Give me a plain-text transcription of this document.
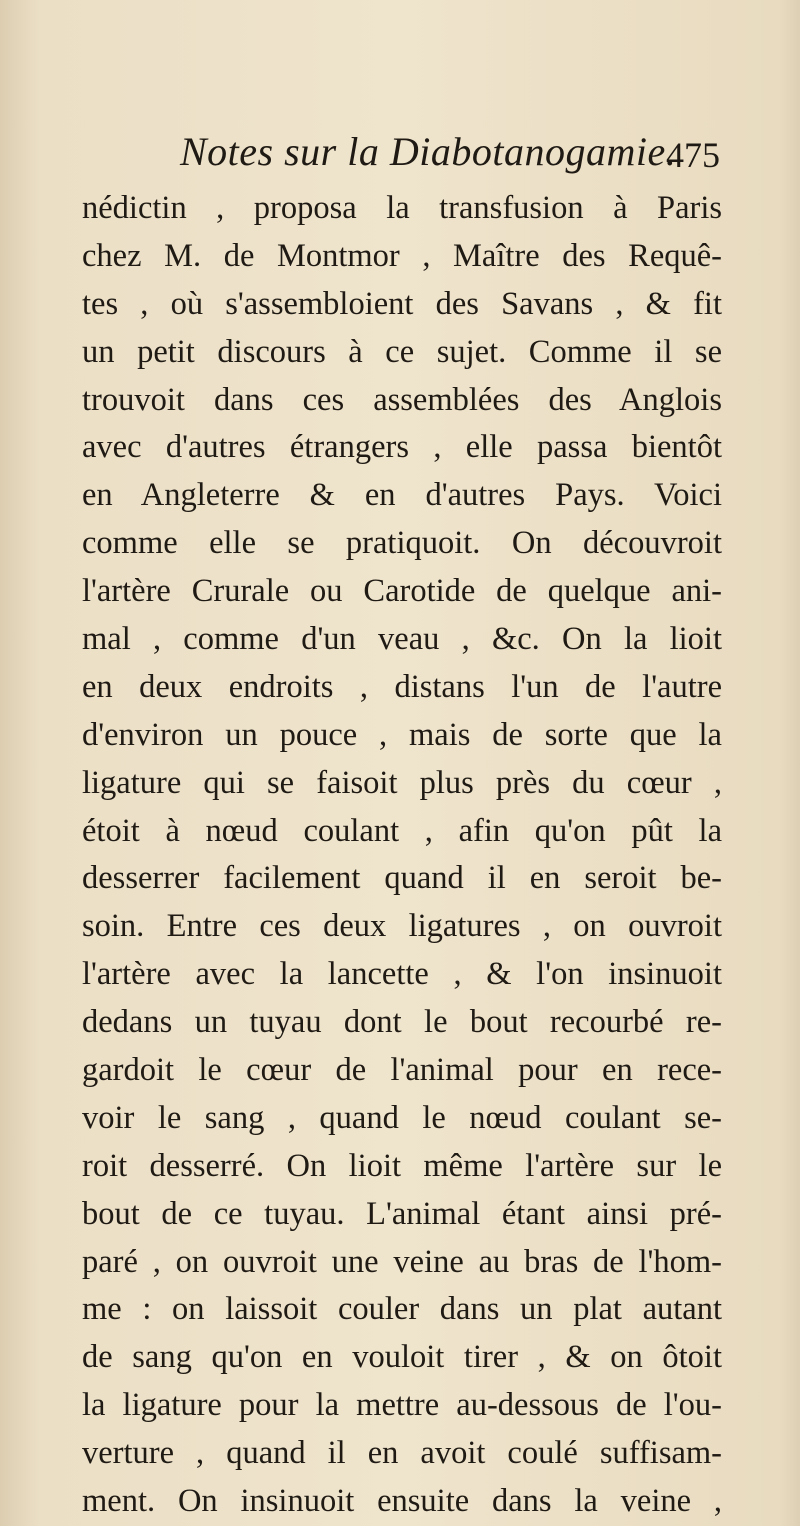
Notes sur la Diabotanogamie.
475
nédictin , proposa la transfusion à Paris
chez M. de Montmor , Maître des Requê-
tes , où s'assembloient des Savans , & fit
un petit discours à ce sujet. Comme il se
trouvoit dans ces assemblées des Anglois
avec d'autres étrangers , elle passa bientôt
en Angleterre & en d'autres Pays. Voici
comme elle se pratiquoit. On découvroit
l'artère Crurale ou Carotide de quelque ani-
mal , comme d'un veau , &c. On la lioit
en deux endroits , distans l'un de l'autre
d'environ un pouce , mais de sorte que la
ligature qui se faisoit plus près du cœur ,
étoit à nœud coulant , afin qu'on pût la
desserrer facilement quand il en seroit be-
soin. Entre ces deux ligatures , on ouvroit
l'artère avec la lancette , & l'on insinuoit
dedans un tuyau dont le bout recourbé re-
gardoit le cœur de l'animal pour en rece-
voir le sang , quand le nœud coulant se-
roit desserré. On lioit même l'artère sur le
bout de ce tuyau. L'animal étant ainsi pré-
paré , on ouvroit une veine au bras de l'hom-
me : on laissoit couler dans un plat autant
de sang qu'on en vouloit tirer , & on ôtoit
la ligature pour la mettre au-dessous de l'ou-
verture , quand il en avoit coulé suffisam-
ment. On insinuoit ensuite dans la veine ,
